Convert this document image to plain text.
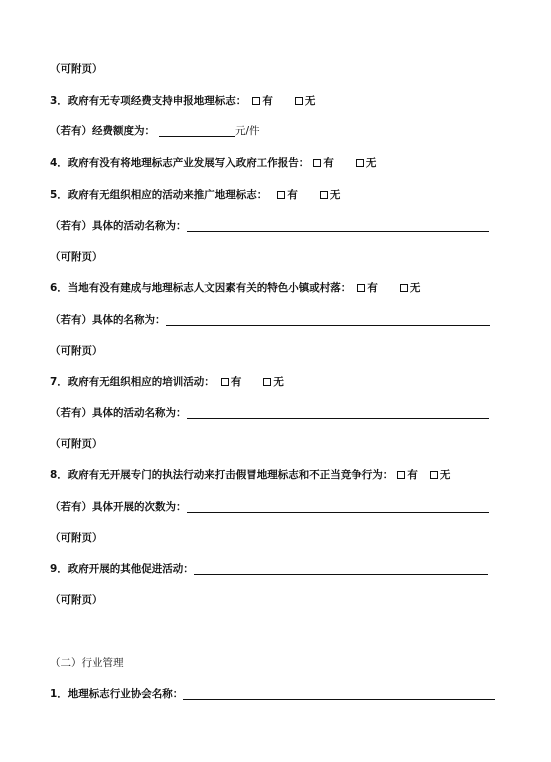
（可附页）
3．政府有无专项经费支持申报地理标志： 有	无
（若有）经费额度为：	元/件
4．政府有没有将地理标志产业发展写入政府工作报告： 有	无
5．政府有无组织相应的活动来推广地理标志： 有	无
（若有）具体的活动名称为：
（可附页）
6．当地有没有建成与地理标志人文因素有关的特色小镇或村落： 有	无
（若有）具体的名称为：
（可附页）
7．政府有无组织相应的培训活动： 有	无
（若有）具体的活动名称为：
（可附页）
8．政府有无开展专门的执法行动来打击假冒地理标志和不正当竞争行为： 有 无
（若有）具体开展的次数为：
（可附页）
9．政府开展的其他促进活动：
（可附页）
（二）行业管理
1．地理标志行业协会名称：
